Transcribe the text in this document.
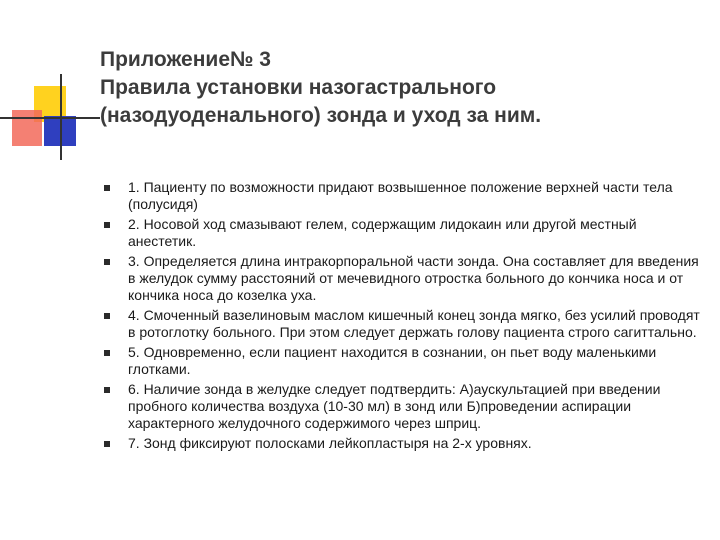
Приложение№ 3
Правила установки назогастрального
(назодуоденального) зонда и уход за ним.
1. Пациенту по возможности придают возвышенное положение верхней части тела (полусидя)
2. Носовой ход смазывают гелем, содержащим лидокаин или другой местный анестетик.
3. Определяется длина интракорпоральной части зонда. Она составляет для введения в желудок сумму расстояний от мечевидного отростка больного до кончика носа и от кончика носа до козелка уха.
4. Смоченный вазелиновым маслом кишечный конец зонда мягко, без усилий проводят в ротоглотку больного. При этом следует держать голову пациента строго сагиттально.
5. Одновременно, если пациент находится в сознании, он пьет воду маленькими глотками.
6. Наличие зонда в желудке следует подтвердить: А)аускультацией при введении пробного количества воздуха (10-30 мл) в зонд или Б)проведении аспирации характерного желудочного содержимого через шприц.
7. Зонд фиксируют полосками лейкопластыря на 2-х уровнях.
